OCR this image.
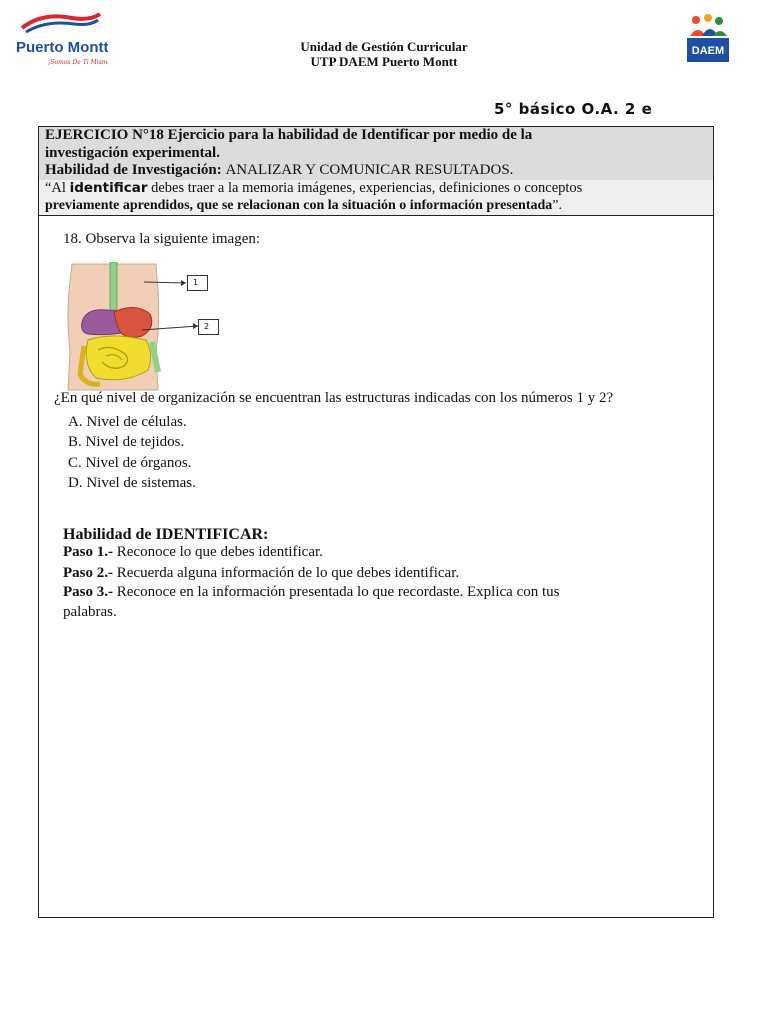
Puerto Montt
¡Somos De Ti Mismo!
DAEM
Unidad de Gestión Curricular
UTP DAEM Puerto Montt
5° básico O.A. 2 e
EJERCICIO N°18 Ejercicio para la habilidad de Identificar por medio de la
investigación experimental.
Habilidad de Investigación: ANALIZAR Y COMUNICAR RESULTADOS.
“Al identificar debes traer a la memoria imágenes, experiencias, definiciones o conceptos
previamente aprendidos, que se relacionan con la situación o información presentada”.
18. Observa la siguiente imagen:
1
2
¿En qué nivel de organización se encuentran las estructuras indicadas con los números 1 y 2?
A. Nivel de células.
B. Nivel de tejidos.
C. Nivel de órganos.
D. Nivel de sistemas.
Habilidad de IDENTIFICAR:
Paso 1.- Reconoce lo que debes identificar.
Paso 2.- Recuerda alguna información de lo que debes identificar.
Paso 3.- Reconoce en la información presentada lo que recordaste. Explica con tus
palabras.
